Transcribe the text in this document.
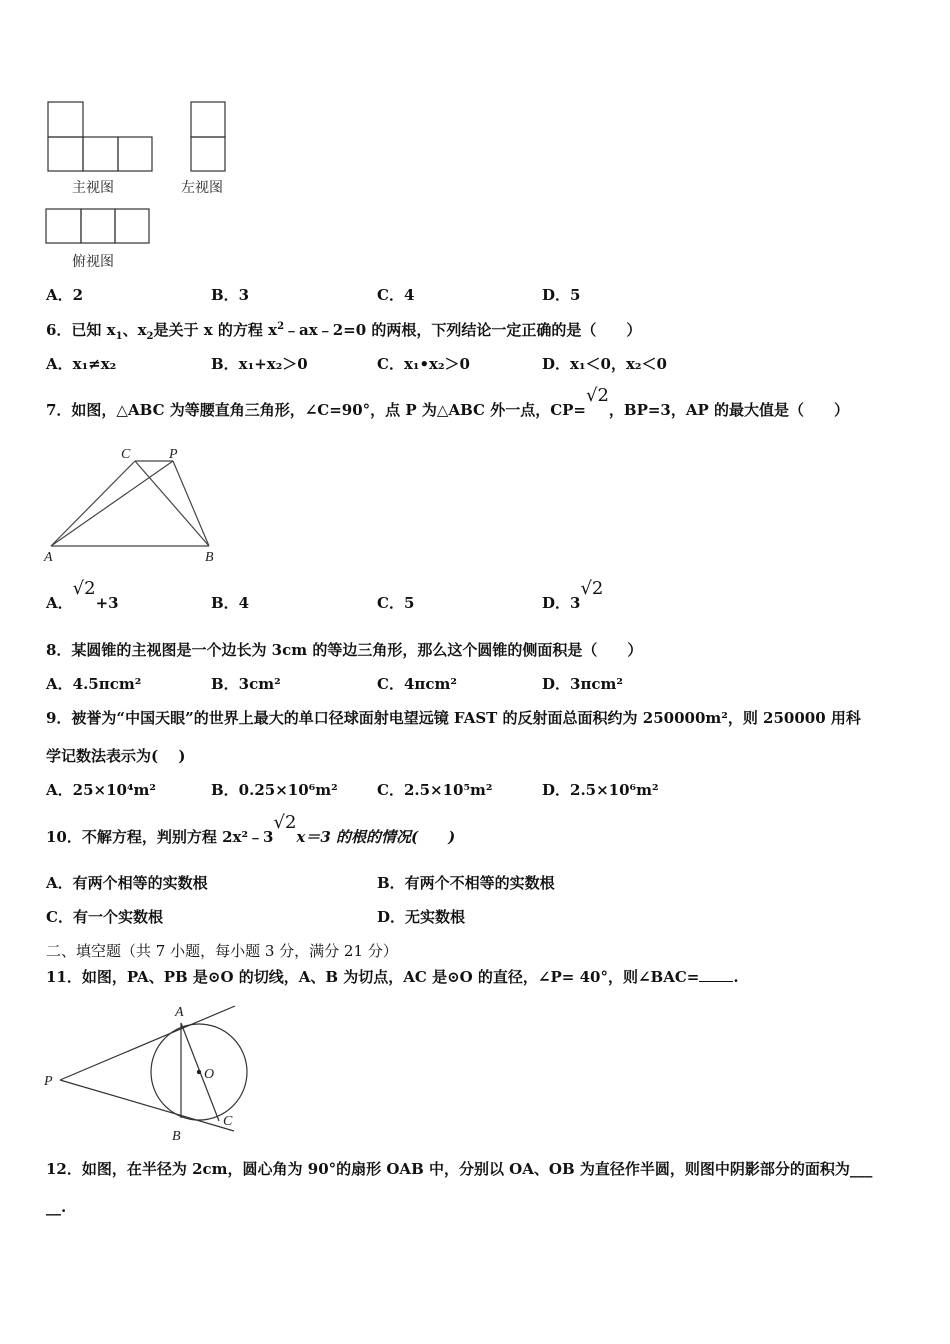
主视图	左视图
俯视图
A．2	B．3	C．4	D．5
6．已知 $x_1$、$x_2$是关于 x 的方程 $x^2﹣ax﹣2=0$ 的两根，下列结论一定正确的是（　　）
A．x₁≠x₂	B．x₁+x₂＞0	C．x₁•x₂＞0	D．x₁＜0，x₂＜0
7．如图，△ABC 为等腰直角三角形，∠C=90°，点 P 为△ABC 外一点，CP=√2，BP=3，AP 的最大值是（　　）
C	P
A	B
A．√2+3	B．4	C．5	D．3√2
8．某圆锥的主视图是一个边长为 3cm 的等边三角形，那么这个圆锥的侧面积是（　　）
A．4.5πcm²	B．3cm²	C．4πcm²	D．3πcm²
9．被誉为“中国天眼”的世界上最大的单口径球面射电望远镜 FAST 的反射面总面积约为 250000m²，则 250000 用科
学记数法表示为(　 )
A．25×10⁴m²	B．0.25×10⁶m²	C．2.5×10⁵m²	D．2.5×10⁶m²
10．不解方程，判别方程 2x²﹣3√2x＝3 的根的情况(　　)
A．有两个相等的实数根	B．有两个不相等的实数根
C．有一个实数根	D．无实数根
二、填空题（共 7 小题，每小题 3 分，满分 21 分）
11．如图，PA、PB 是⊙O 的切线，A、B 为切点，AC 是⊙O 的直径，∠P= 40°，则∠BAC= .
A
O
P
C
B
12．如图，在半径为 2cm，圆心角为 90°的扇形 OAB 中，分别以 OA、OB 为直径作半圆，则图中阴影部分的面积为___
__.
